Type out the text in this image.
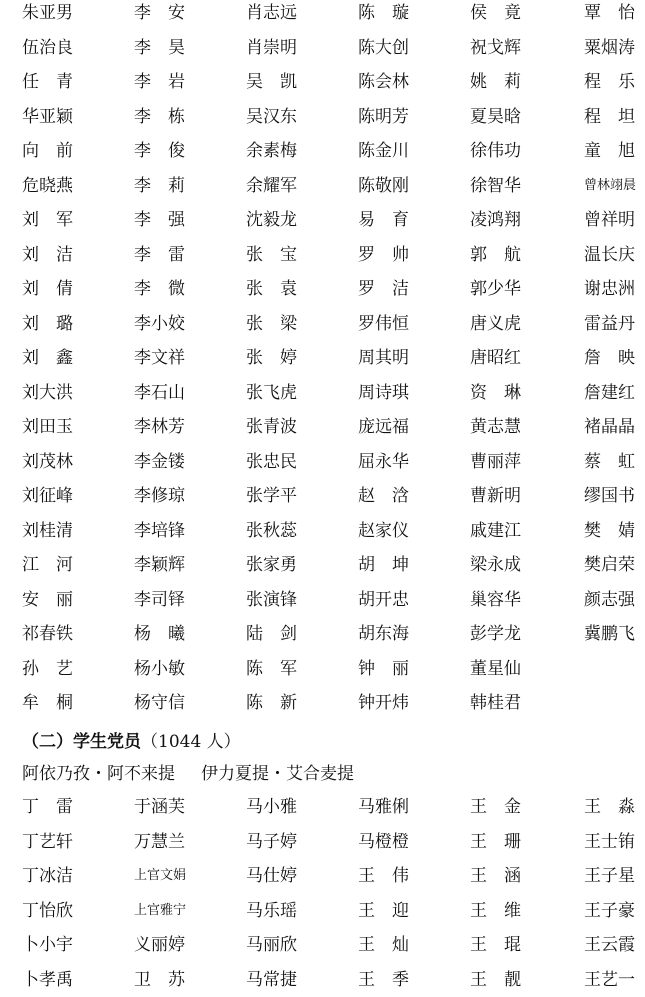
朱亚男	李　安	肖志远	陈　璇	侯　竟	覃　怡
伍治良	李　昊	肖崇明	陈大创	祝戈辉	粟烟涛
任　青	李　岩	吴　凯	陈会林	姚　莉	程　乐
华亚颖	李　栋	吴汉东	陈明芳	夏昊晗	程　坦
向　前	李　俊	余素梅	陈金川	徐伟功	童　旭
危晓燕	李　莉	余耀军	陈敬刚	徐智华	曾林翊晨
刘　军	李　强	沈毅龙	易　育	凌鸿翔	曾祥明
刘　洁	李　雷	张　宝	罗　帅	郭　航	温长庆
刘　倩	李　微	张　袁	罗　洁	郭少华	谢忠洲
刘　璐	李小姣	张　梁	罗伟恒	唐义虎	雷益丹
刘　鑫	李文祥	张　婷	周其明	唐昭红	詹　映
刘大洪	李石山	张飞虎	周诗琪	资　琳	詹建红
刘田玉	李林芳	张青波	庞远福	黄志慧	褚晶晶
刘茂林	李金镂	张忠民	屈永华	曹丽萍	蔡　虹
刘征峰	李修琼	张学平	赵　浛	曹新明	缪国书
刘桂清	李培锋	张秋蕊	赵家仪	戚建江	樊　婧
江　河	李颖辉	张家勇	胡　坤	梁永成	樊启荣
安　丽	李司铎	张演锋	胡开忠	巢容华	颜志强
祁春铁	杨　曦	陆　剑	胡东海	彭学龙	冀鹏飞
孙　艺	杨小敏	陈　军	钟　丽	董星仙
牟　桐	杨守信	陈　新	钟开炜	韩桂君
（二）学生党员（1044 人）
阿依乃孜・阿不来提 伊力夏提・艾合麦提
丁　雷	于涵芙	马小雅	马雅俐	王　金	王　淼
丁艺轩	万慧兰	马子婷	马橙橙	王　珊	王士铕
丁冰洁	上官文娟	马仕婷	王　伟	王　涵	王子星
丁怡欣	上官雅宁	马乐瑶	王　迎	王　维	王子豪
卜小宇	义丽婷	马丽欣	王　灿	王　琨	王云霞
卜孝禹	卫　苏	马常捷	王　季	王　靓	王艺一
